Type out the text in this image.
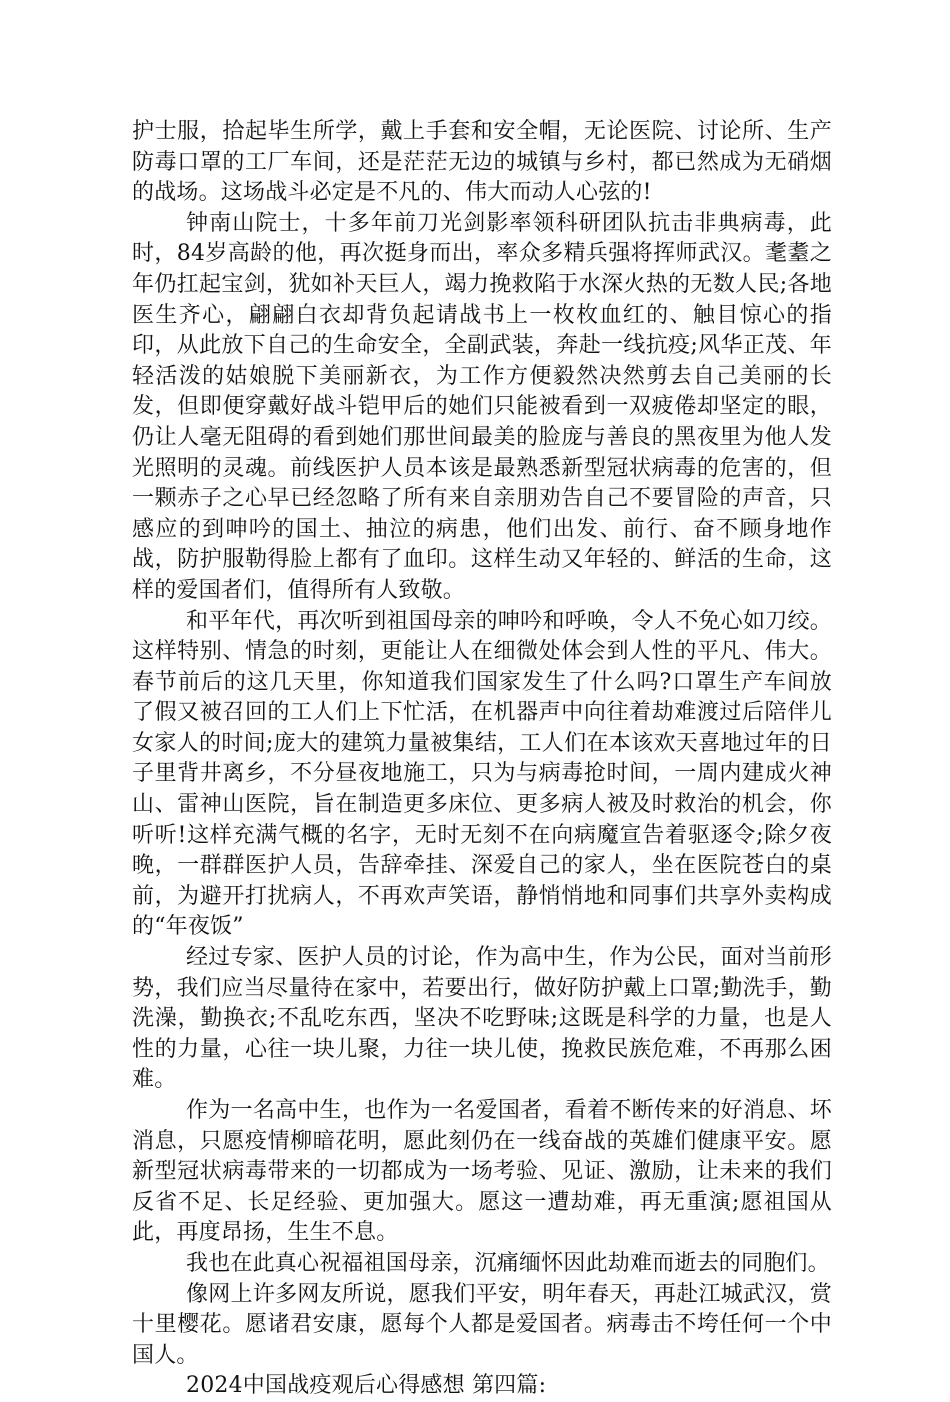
护士服，拾起毕生所学，戴上手套和安全帽，无论医院、讨论所、生产防毒口罩的工厂车间，还是茫茫无边的城镇与乡村，都已然成为无硝烟的战场。这场战斗必定是不凡的、伟大而动人心弦的!

钟南山院士，十多年前刀光剑影率领科研团队抗击非典病毒，此时，84岁高龄的他，再次挺身而出，率众多精兵强将挥师武汉。耄耋之年仍扛起宝剑，犹如补天巨人，竭力挽救陷于水深火热的无数人民;各地医生齐心，翩翩白衣却背负起请战书上一枚枚血红的、触目惊心的指印，从此放下自己的生命安全，全副武装，奔赴一线抗疫;风华正茂、年轻活泼的姑娘脱下美丽新衣，为工作方便毅然决然剪去自己美丽的长发，但即便穿戴好战斗铠甲后的她们只能被看到一双疲倦却坚定的眼，仍让人毫无阻碍的看到她们那世间最美的脸庞与善良的黑夜里为他人发光照明的灵魂。前线医护人员本该是最熟悉新型冠状病毒的危害的，但一颗赤子之心早已经忽略了所有来自亲朋劝告自己不要冒险的声音，只感应的到呻吟的国土、抽泣的病患，他们出发、前行、奋不顾身地作战，防护服勒得脸上都有了血印。这样生动又年轻的、鲜活的生命，这样的爱国者们，值得所有人致敬。

和平年代，再次听到祖国母亲的呻吟和呼唤，令人不免心如刀绞。这样特别、情急的时刻，更能让人在细微处体会到人性的平凡、伟大。春节前后的这几天里，你知道我们国家发生了什么吗?口罩生产车间放了假又被召回的工人们上下忙活，在机器声中向往着劫难渡过后陪伴儿女家人的时间;庞大的建筑力量被集结，工人们在本该欢天喜地过年的日子里背井离乡，不分昼夜地施工，只为与病毒抢时间，一周内建成火神山、雷神山医院，旨在制造更多床位、更多病人被及时救治的机会，你听听!这样充满气概的名字，无时无刻不在向病魔宣告着驱逐令;除夕夜晚，一群群医护人员，告辞牵挂、深爱自己的家人，坐在医院苍白的桌前，为避开打扰病人，不再欢声笑语，静悄悄地和同事们共享外卖构成的“年夜饭”

经过专家、医护人员的讨论，作为高中生，作为公民，面对当前形势，我们应当尽量待在家中，若要出行，做好防护戴上口罩;勤洗手，勤洗澡，勤换衣;不乱吃东西，坚决不吃野味;这既是科学的力量，也是人性的力量，心往一块儿聚，力往一块儿使，挽救民族危难，不再那么困难。

作为一名高中生，也作为一名爱国者，看着不断传来的好消息、坏消息，只愿疫情柳暗花明，愿此刻仍在一线奋战的英雄们健康平安。愿新型冠状病毒带来的一切都成为一场考验、见证、激励，让未来的我们反省不足、长足经验、更加强大。愿这一遭劫难，再无重演;愿祖国从此，再度昂扬，生生不息。

我也在此真心祝福祖国母亲，沉痛缅怀因此劫难而逝去的同胞们。

像网上许多网友所说，愿我们平安，明年春天，再赴江城武汉，赏十里樱花。愿诸君安康，愿每个人都是爱国者。病毒击不垮任何一个中国人。

2024中国战疫观后心得感想 第四篇:
